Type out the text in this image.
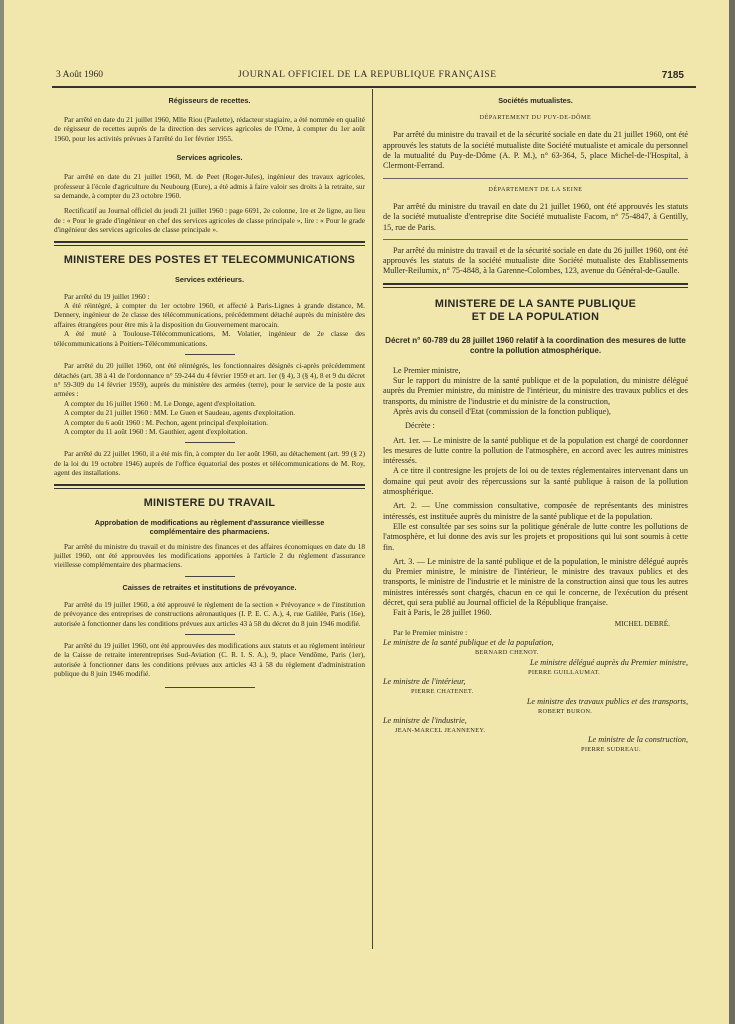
3 Août 1960	JOURNAL OFFICIEL DE LA REPUBLIQUE FRANÇAISE	7185
Régisseurs de recettes.

Par arrêté en date du 21 juillet 1960, Mlle Riou (Paulette), rédacteur stagiaire, a été nommée en qualité de régisseur de recettes auprès de la direction des services agricoles de l'Orne, à compter du 1er août 1960, pour les activités prévues à l'arrêté du 1er février 1955.

Services agricoles.

Par arrêté en date du 21 juillet 1960, M. de Peet (Roger-Jules), ingénieur des travaux agricoles, professeur à l'école d'agriculture du Neubourg (Eure), a été admis à faire valoir ses droits à la retraite, sur sa demande, à compter du 23 octobre 1960.

Rectificatif au Journal officiel du jeudi 21 juillet 1960 : page 6691, 2e colonne, 1re et 2e ligne, au lieu de : « Pour le grade d'ingénieur en chef des services agricoles de classe principale », lire : « Pour le grade d'ingénieur des services agricoles de classe principale ».

MINISTERE DES POSTES ET TELECOMMUNICATIONS
Services extérieurs.

Par arrêté du 19 juillet 1960 :

A été réintégré, à compter du 1er octobre 1960, et affecté à Paris-Lignes à grande distance, M. Dennery, ingénieur de 2e classe des télécommunications, précédemment détaché auprès du ministère des affaires étrangères pour être mis à la disposition du Gouvernement marocain.

A été muté à Toulouse-Télécommunications, M. Volatier, ingénieur de 2e classe des télécommunications à Poitiers-Télécommunications.

Par arrêté du 20 juillet 1960, ont été réintégrés, les fonctionnaires désignés ci-après précédemment détachés (art. 38 à 41 de l'ordonnance n° 59-244 du 4 février 1959 et art. 1er (§ 4), 3 (§ 4), 8 et 9 du décret n° 59-309 du 14 février 1959), auprès du ministère des armées (terre), pour le service de la poste aux armées :

A compter du 16 juillet 1960 : M. Le Donge, agent d'exploitation.

A compter du 21 juillet 1960 : MM. Le Guen et Saudeau, agents d'exploitation.

A compter du 6 août 1960 : M. Pechon, agent principal d'exploitation.

A compter du 11 août 1960 : M. Gauthier, agent d'exploitation.

Par arrêté du 22 juillet 1960, il a été mis fin, à compter du 1er août 1960, au détachement (art. 99 (§ 2) de la loi du 19 octobre 1946) auprès de l'office équatorial des postes et télécommunications de M. Roy, agent des installations.

MINISTERE DU TRAVAIL
Approbation de modifications au règlement d'assurance vieillesse complémentaire des pharmaciens.

Par arrêté du ministre du travail et du ministre des finances et des affaires économiques en date du 18 juillet 1960, ont été approuvées les modifications apportées à l'article 2 du règlement d'assurance vieillesse complémentaire des pharmaciens.

Caisses de retraites et institutions de prévoyance.

Par arrêté du 19 juillet 1960, a été approuvé le règlement de la section « Prévoyance » de l'institution de prévoyance des entreprises de constructions aéronautiques (I. P. E. C. A.), 4, rue Galilée, Paris (16e), autorisée à fonctionner dans les conditions prévues aux articles 43 à 58 du décret du 8 juin 1946 modifié.

Par arrêté du 19 juillet 1960, ont été approuvées des modifications aux statuts et au règlement intérieur de la Caisse de retraite interentreprises Sud-Aviation (C. R. I. S. A.), 9, place Vendôme, Paris (1er), autorisée à fonctionner dans les conditions prévues aux articles 43 à 58 du règlement d'administration publique du 8 juin 1946 modifié.

Sociétés mutualistes.
DÉPARTEMENT DU PUY-DE-DÔME

Par arrêté du ministre du travail et de la sécurité sociale en date du 21 juillet 1960, ont été approuvés les statuts de la société mutualiste dite Société mutualiste et amicale du personnel de la mutualité du Puy-de-Dôme (A. P. M.), n° 63-364, 5, place Michel-de-l'Hospital, à Clermont-Ferrand.

DÉPARTEMENT DE LA SEINE

Par arrêté du ministre du travail en date du 21 juillet 1960, ont été approuvés les statuts de la société mutualiste d'entreprise dite Société mutualiste Facom, n° 75-4847, à Gentilly, 15, rue de Paris.

Par arrêté du ministre du travail et de la sécurité sociale en date du 26 juillet 1960, ont été approuvés les statuts de la société mutualiste dite Société mutualiste des Etablissements Muller-Reilumix, n° 75-4848, à la Garenne-Colombes, 123, avenue du Général-de-Gaulle.

MINISTERE DE LA SANTE PUBLIQUE
ET DE LA POPULATION
Décret n° 60-789 du 28 juillet 1960 relatif à la coordination des mesures de lutte contre la pollution atmosphérique.

Le Premier ministre,

Sur le rapport du ministre de la santé publique et de la population, du ministre délégué auprès du Premier ministre, du ministre de l'intérieur, du ministre des travaux publics et des transports, du ministre de l'industrie et du ministre de la construction,

Après avis du conseil d'Etat (commission de la fonction publique),

Décrète :

Art. 1er. — Le ministre de la santé publique et de la population est chargé de coordonner les mesures de lutte contre la pollution de l'atmosphère, en accord avec les autres ministres intéressés.

A ce titre il contresigne les projets de loi ou de textes réglementaires intervenant dans un domaine qui peut avoir des répercussions sur la santé publique à raison de la pollution atmosphérique.

Art. 2. — Une commission consultative, composée de représentants des ministres intéressés, est instituée auprès du ministre de la santé publique et de la population.

Elle est consultée par ses soins sur la politique générale de lutte contre les pollutions de l'atmosphère, et lui donne des avis sur les projets et propositions qui lui sont soumis à cette fin.

Art. 3. — Le ministre de la santé publique et de la population, le ministre délégué auprès du Premier ministre, le ministre de l'intérieur, le ministre des travaux publics et des transports, le ministre de l'industrie et le ministre de la construction ainsi que tous les autres ministres intéressés sont chargés, chacun en ce qui le concerne, de l'exécution du présent décret, qui sera publié au Journal officiel de la République française.

Fait à Paris, le 28 juillet 1960.

MICHEL DEBRÉ.

Par le Premier ministre :

Le ministre de la santé publique et de la population,
BERNARD CHENOT.
Le ministre délégué auprès du Premier ministre,
PIERRE GUILLAUMAT.
Le ministre de l'intérieur,
PIERRE CHATENET.
Le ministre des travaux publics et des transports,
ROBERT BURON.
Le ministre de l'industrie,
JEAN-MARCEL JEANNENEY.
Le ministre de la construction,
PIERRE SUDREAU.
